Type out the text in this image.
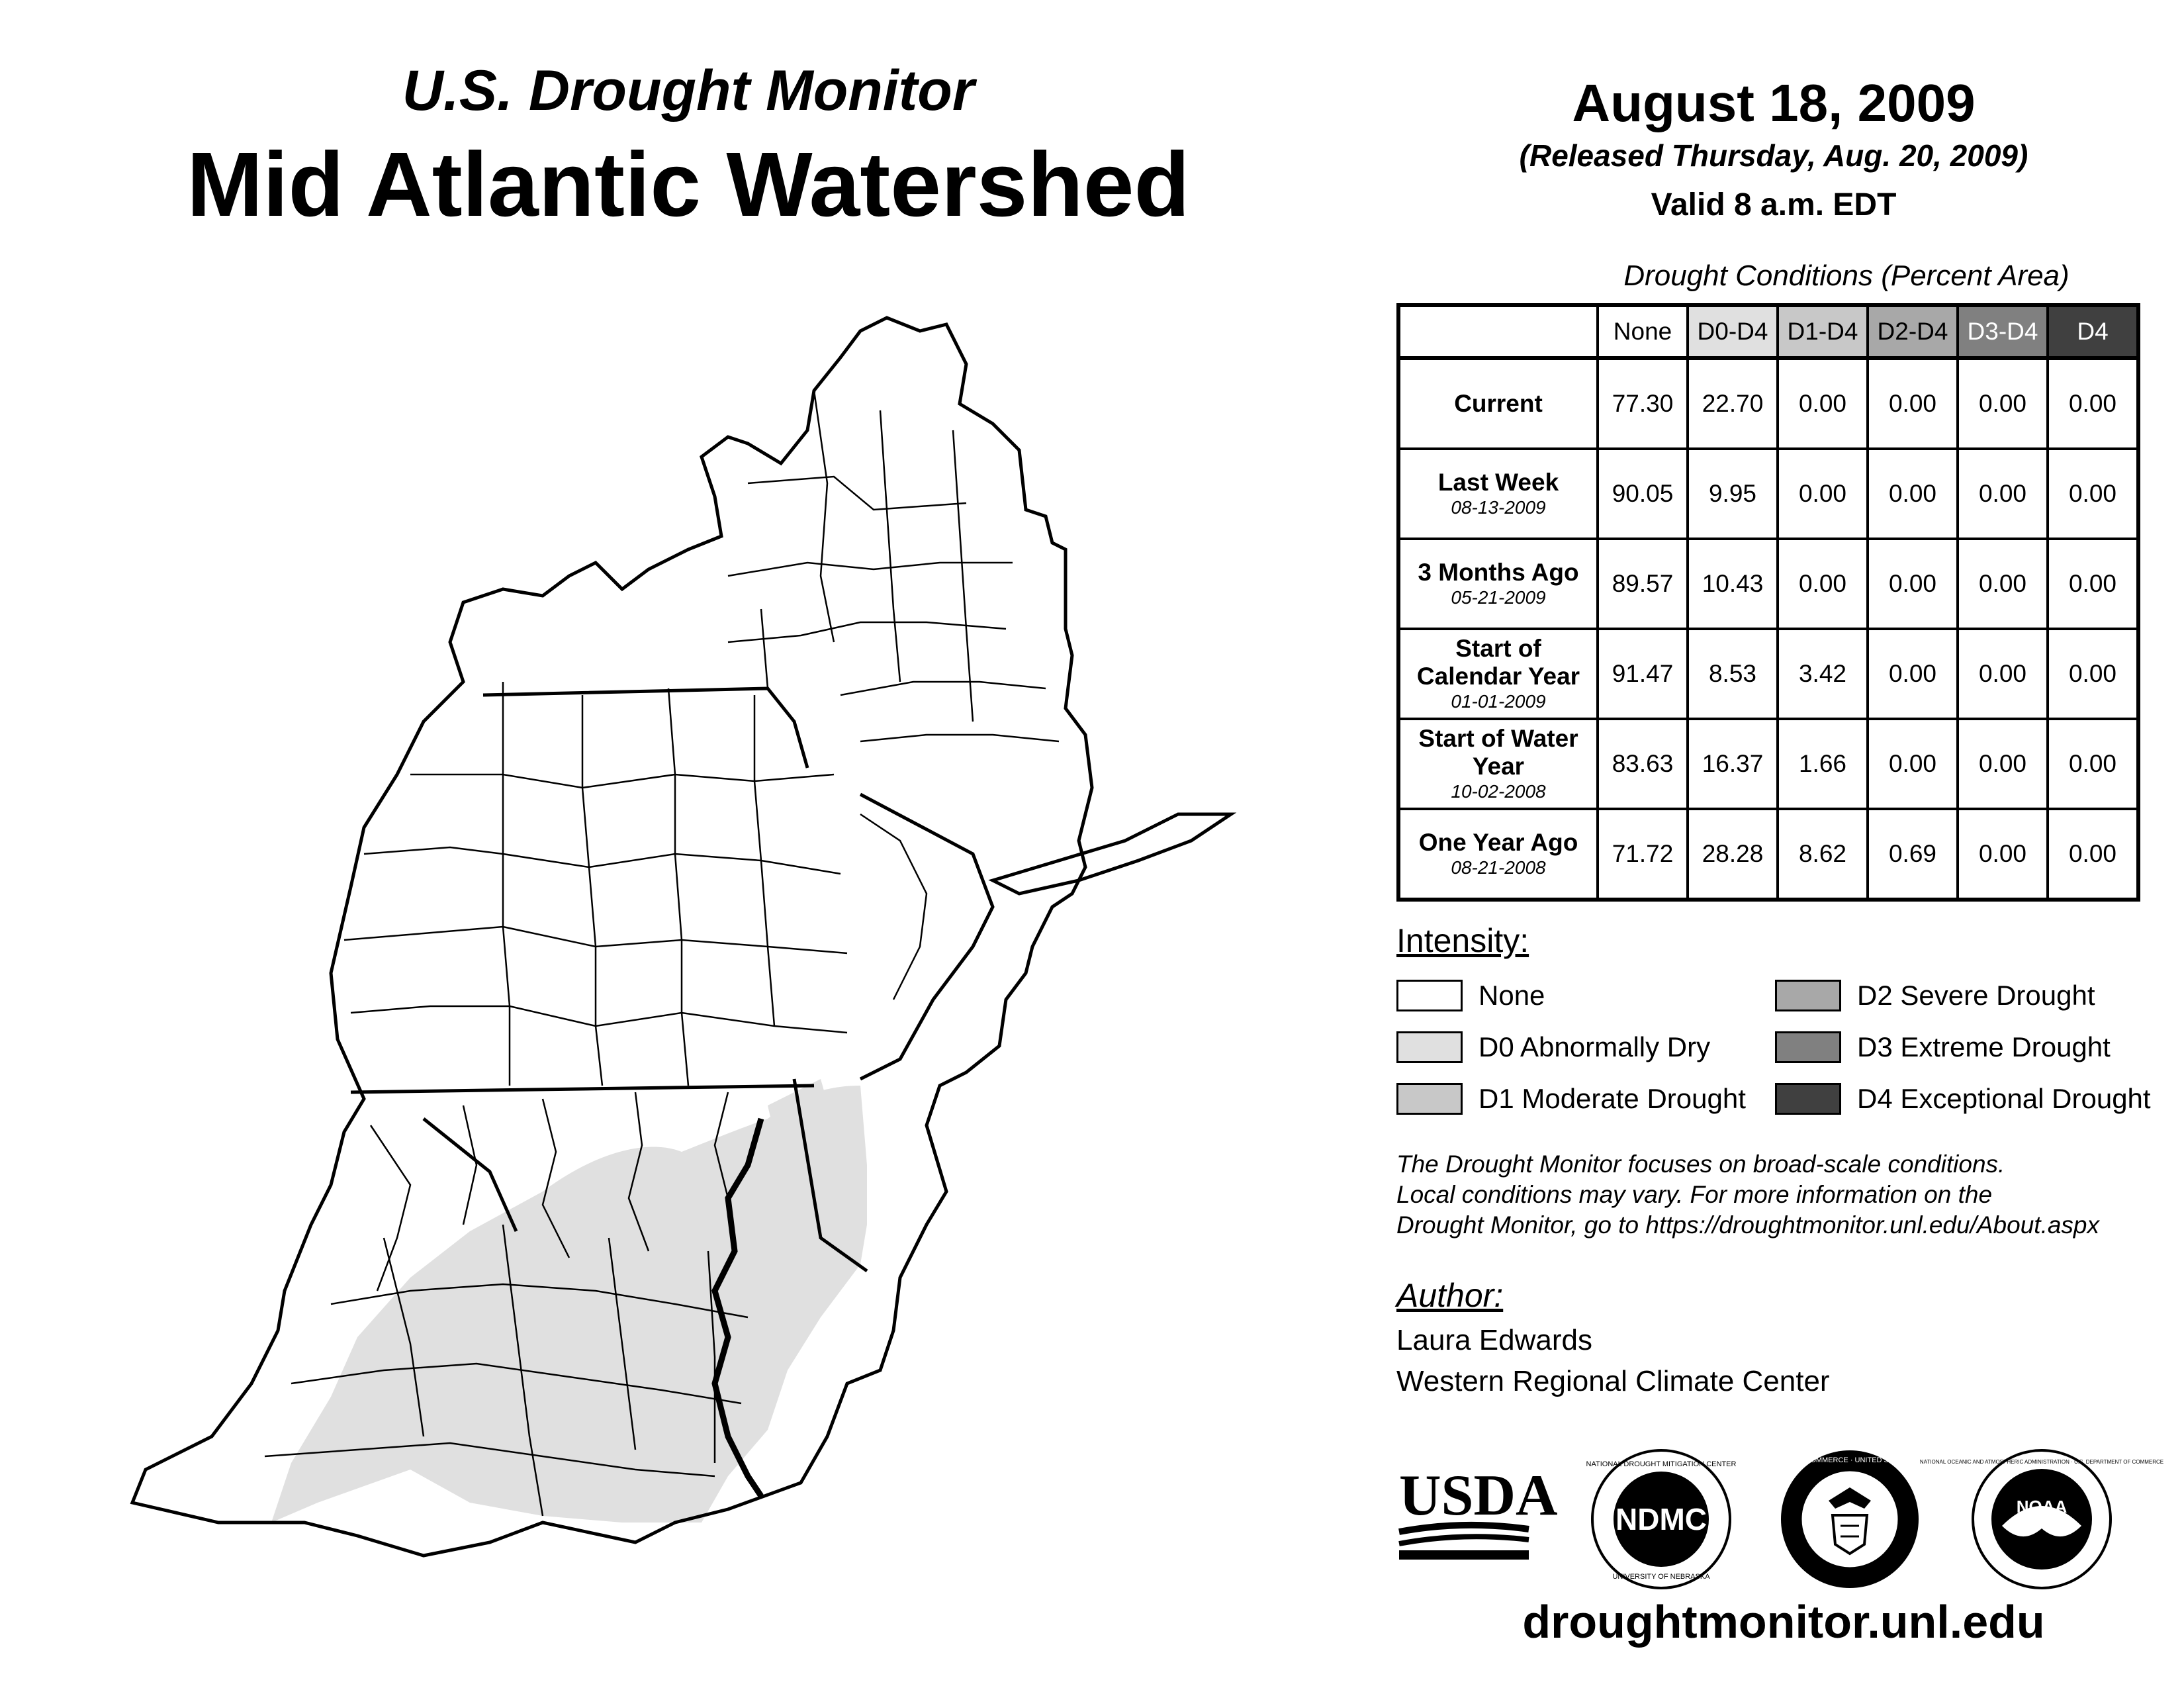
U.S. Drought Monitor
Mid Atlantic Watershed
August 18, 2009
(Released Thursday, Aug. 20, 2009)
Valid 8 a.m. EDT
Drought Conditions (Percent Area)
	None	D0-D4	D1-D4	D2-D4	D3-D4	D4

Current	77.30	22.70	0.00	0.00	0.00	0.00

Last Week
08-13-2009	90.05	9.95	0.00	0.00	0.00	0.00

3 Months Ago
05-21-2009	89.57	10.43	0.00	0.00	0.00	0.00

Start of Calendar Year
01-01-2009	91.47	8.53	3.42	0.00	0.00	0.00

Start of Water Year
10-02-2008	83.63	16.37	1.66	0.00	0.00	0.00

One Year Ago
08-21-2008	71.72	28.28	8.62	0.69	0.00	0.00
Intensity:
None
D0 Abnormally Dry
D1 Moderate Drought
D2 Severe Drought
D3 Extreme Drought
D4 Exceptional Drought
The Drought Monitor focuses on broad-scale conditions.
Local conditions may vary. For more information on the
Drought Monitor, go to https://droughtmonitor.unl.edu/About.aspx
Author:
Laura Edwards
Western Regional Climate Center
USDA NDMC
NATIONAL DROUGHT MITIGATION CENTER
UNIVERSITY OF NEBRASKA
DEPARTMENT OF COMMERCE · UNITED STATES OF AMERICA
NOAA
NATIONAL OCEANIC AND ATMOSPHERIC ADMINISTRATION · U.S. DEPARTMENT OF COMMERCE
droughtmonitor.unl.edu
